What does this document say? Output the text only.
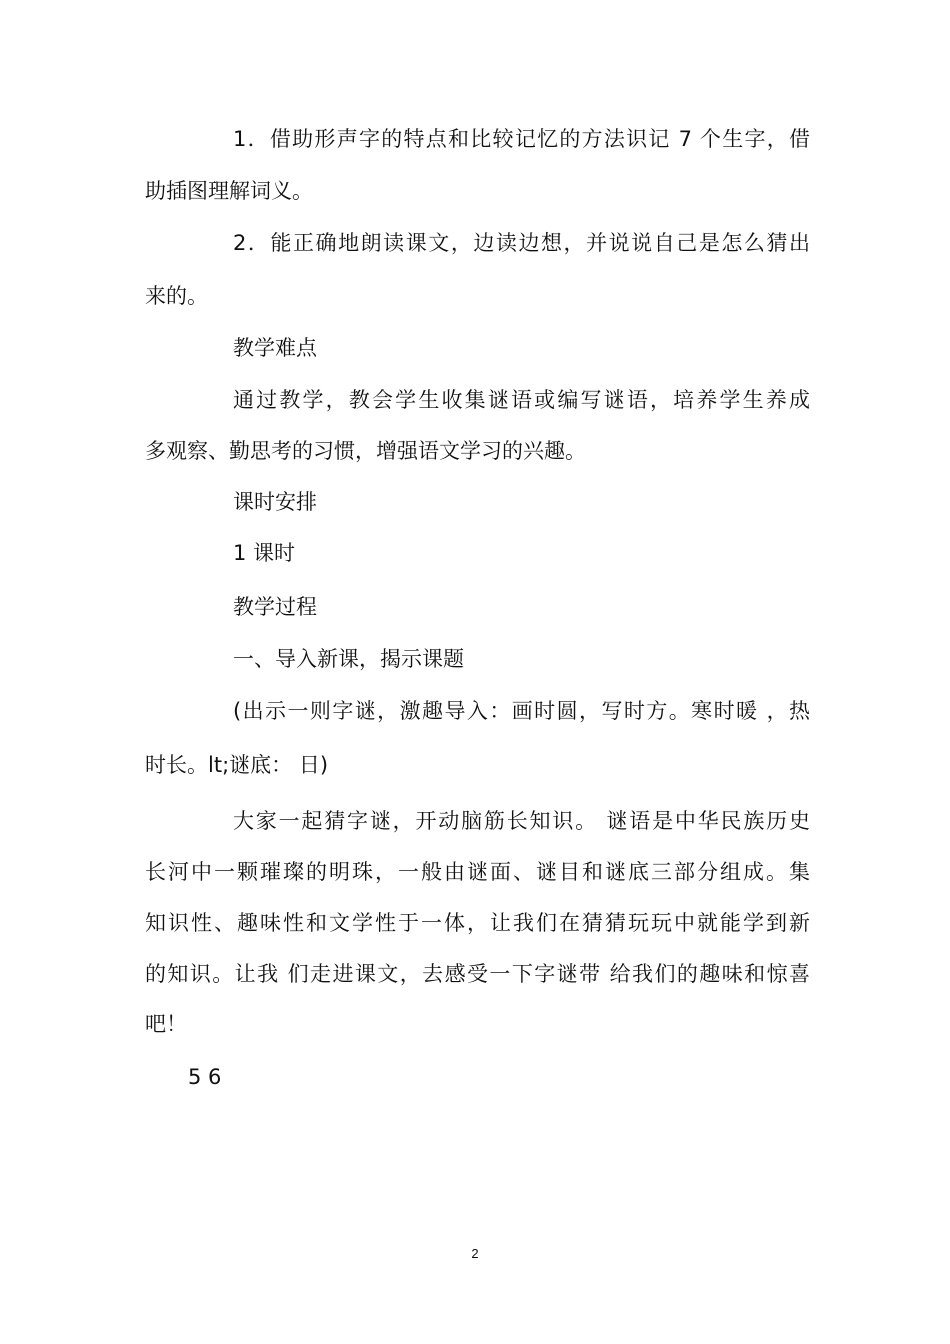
1．借助形声字的特点和比较记忆的方法识记 7 个生字，借
助插图理解词义。
2．能正确地朗读课文，边读边想，并说说自己是怎么猜出
来的。
教学难点
通过教学，教会学生收集谜语或编写谜语，培养学生养成
多观察、勤思考的习惯，增强语文学习的兴趣。
课时安排
1 课时
教学过程
一、导入新课，揭示课题
(出示一则字谜，激趣导入：画时圆，写时方。寒时暖 ，热
时长。lt;谜底： 日)
大家一起猜字谜，开动脑筋长知识。 谜语是中华民族历史
长河中一颗璀璨的明珠，一般由谜面、谜目和谜底三部分组成。集
知识性、趣味性和文学性于一体，让我们在猜猜玩玩中就能学到新
的知识。让我 们走进课文，去感受一下字谜带 给我们的趣味和惊喜
吧！
5 6
2
